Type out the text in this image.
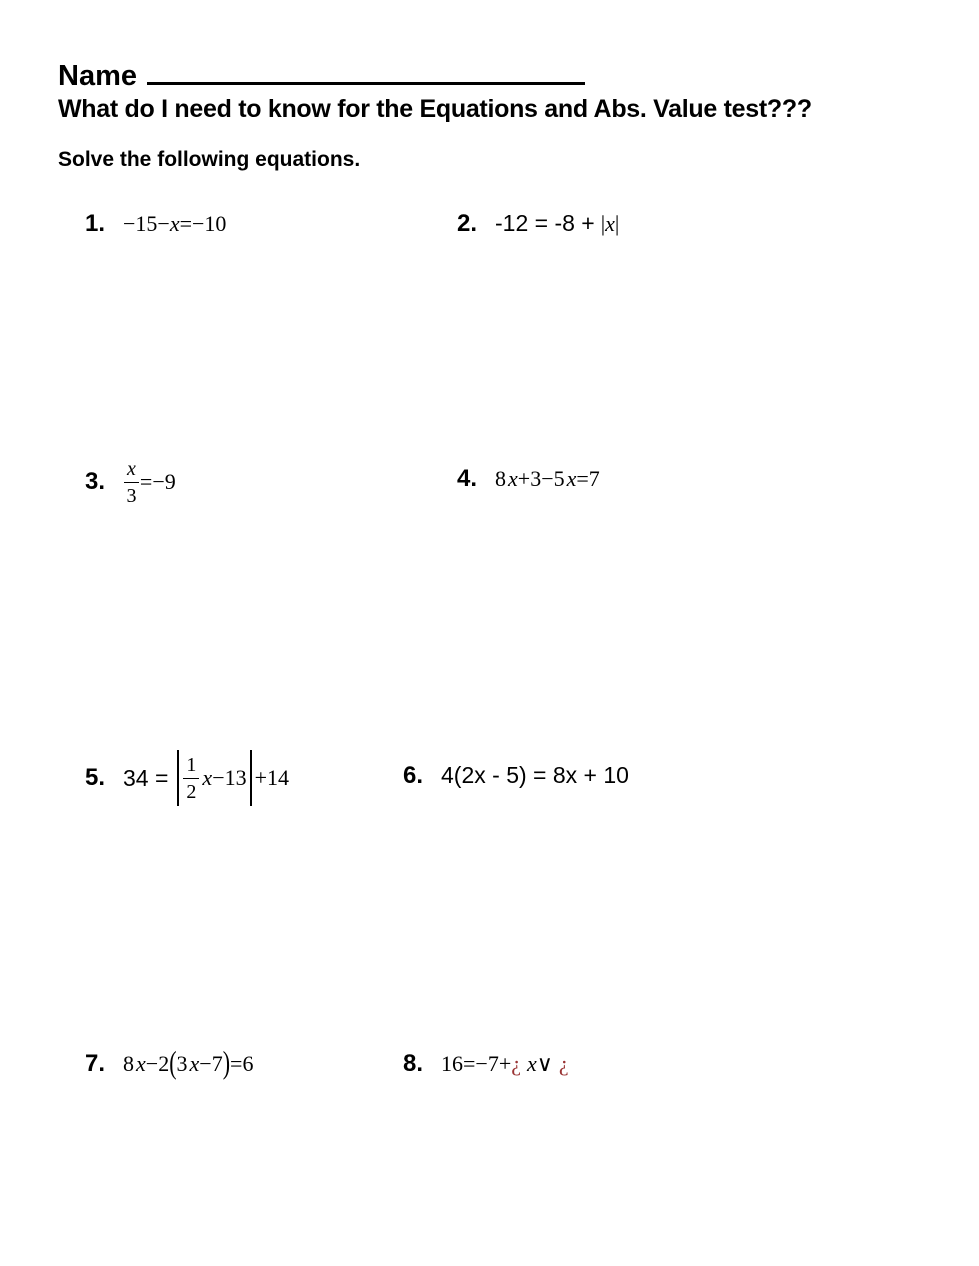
Name
What do I need to know for the Equations and Abs. Value test???
Solve the following equations.
1. −15−x=−10	2. -12 = -8 + |x|
3. $\frac{x}{3} =-9$	4. 8x+3−5x=7
5. $34 = \frac{1}{2}$ x −13 +14	6. 4(2x - 5) = 8x + 10
7. 8x−2(3x−7)=6	8. 16=−7+¿ x∨ ¿
